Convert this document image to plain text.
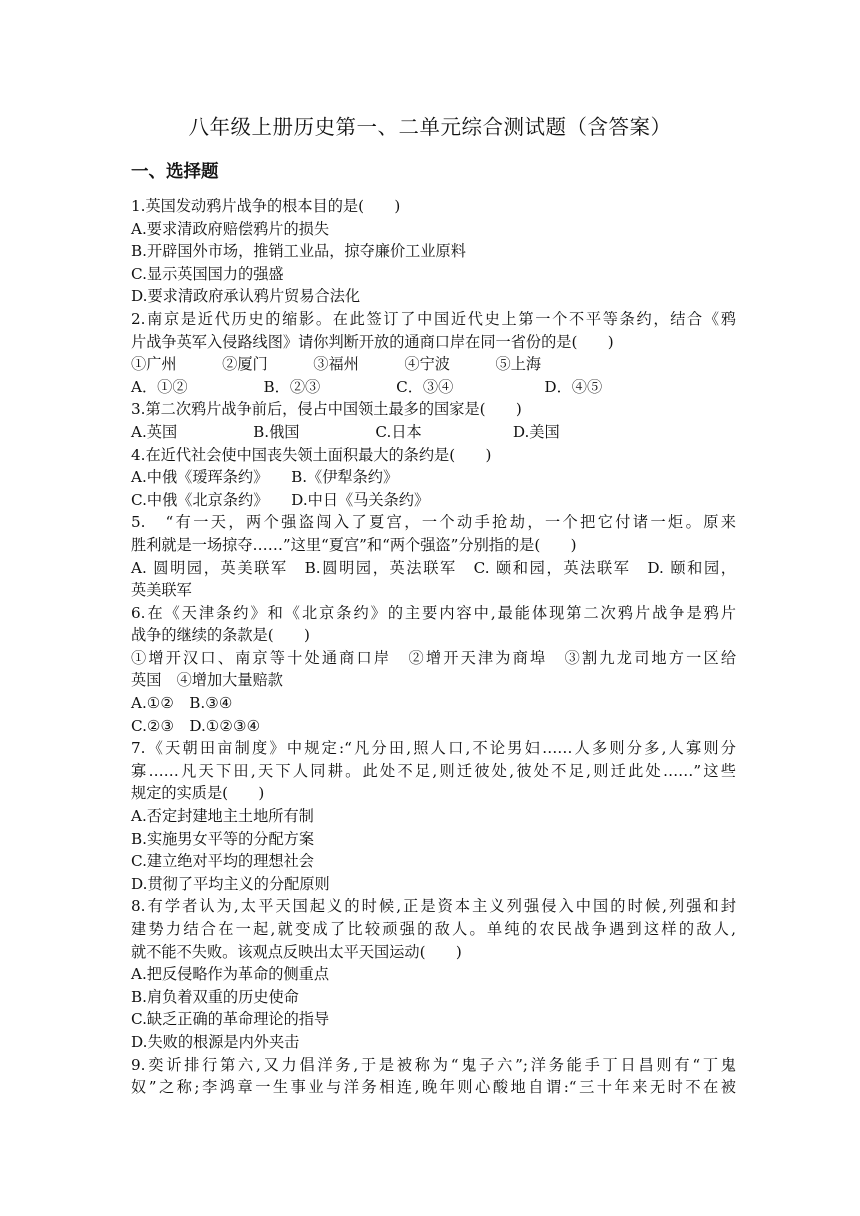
八年级上册历史第一、二单元综合测试题（含答案）
一、选择题
1.英国发动鸦片战争的根本目的是(　　)
A.要求清政府赔偿鸦片的损失
B.开辟国外市场，推销工业品，掠夺廉价工业原料
C.显示英国国力的强盛
D.要求清政府承认鸦片贸易合法化
2.南京是近代历史的缩影。在此签订了中国近代史上第一个不平等条约，结合《鸦
片战争英军入侵路线图》请你判断开放的通商口岸在同一省份的是(　　)
①广州　　　②厦门　　　③福州　　　④宁波　　　⑤上海
A．①②　　　　　B．②③　　　　　C．③④　　　　　　D．④⑤
3.第二次鸦片战争前后，侵占中国领土最多的国家是(　　)
A.英国　　　　　B.俄国　　　　　C.日本　　　　　　D.美国
4.在近代社会使中国丧失领土面积最大的条约是(　　)
A.中俄《瑷珲条约》　　B.《伊犁条约》
C.中俄《北京条约》　　D.中日《马关条约》
5.　“有一天，两个强盗闯入了夏宫，一个动手抢劫，一个把它付诸一炬。原来
胜利就是一场掠夺……”这里“夏宫”和“两个强盗”分别指的是(　　)
A. 圆明园，英美联军　B.圆明园，英法联军　C. 颐和园，英法联军　D. 颐和园，
英美联军
6.在《天津条约》和《北京条约》的主要内容中,最能体现第二次鸦片战争是鸦片
战争的继续的条款是(　　)
①增开汉口、南京等十处通商口岸　②增开天津为商埠　③割九龙司地方一区给
英国　④增加大量赔款
A.①②　B.③④
C.②③　D.①②③④
7.《天朝田亩制度》中规定:“凡分田,照人口,不论男妇……人多则分多,人寡则分
寡……凡天下田,天下人同耕。此处不足,则迁彼处,彼处不足,则迁此处……”这些
规定的实质是(　　)
A.否定封建地主土地所有制
B.实施男女平等的分配方案
C.建立绝对平均的理想社会
D.贯彻了平均主义的分配原则
8.有学者认为,太平天国起义的时候,正是资本主义列强侵入中国的时候,列强和封
建势力结合在一起,就变成了比较顽强的敌人。单纯的农民战争遇到这样的敌人,
就不能不失败。该观点反映出太平天国运动(　　)
A.把反侵略作为革命的侧重点
B.肩负着双重的历史使命
C.缺乏正确的革命理论的指导
D.失败的根源是内外夹击
9.奕䜣排行第六,又力倡洋务,于是被称为“鬼子六”;洋务能手丁日昌则有“丁鬼
奴”之称;李鸿章一生事业与洋务相连,晚年则心酸地自谓:“三十年来无时不在被
